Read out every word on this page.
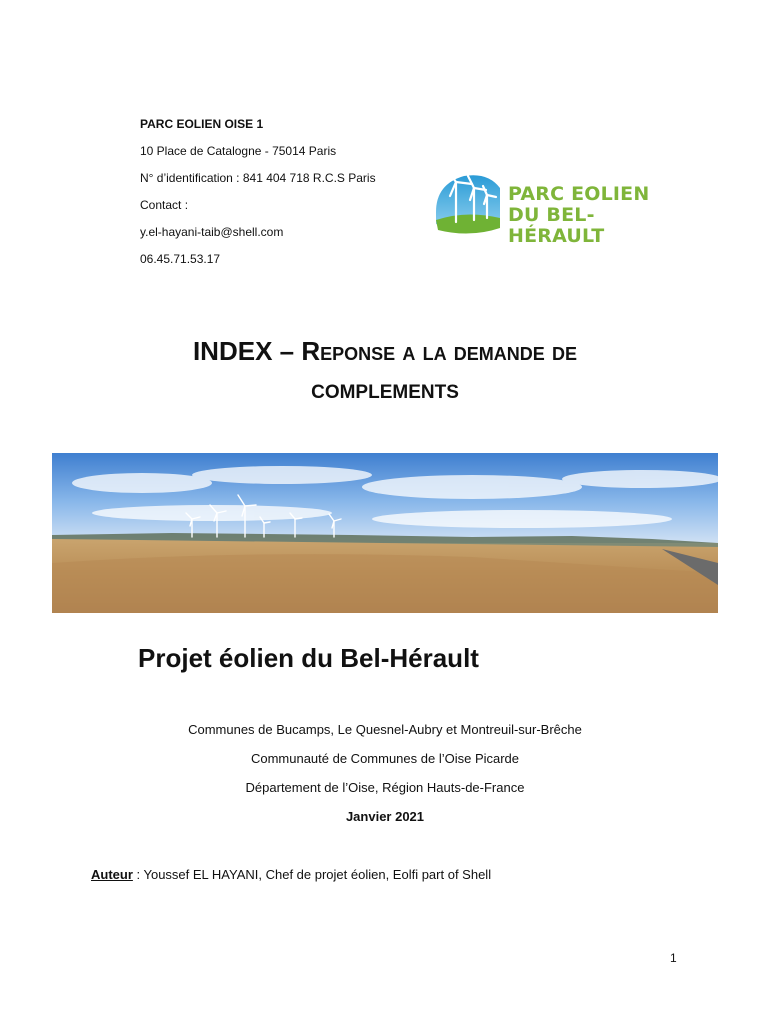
PARC EOLIEN OISE 1
10 Place de Catalogne - 75014 Paris
N° d’identification : 841 404 718 R.C.S Paris
Contact :
y.el-hayani-taib@shell.com
06.45.71.53.17
PARC EOLIEN
DU BEL-HÉRAULT
INDEX – Reponse a la demande de
COMPLEMENTS
Projet éolien du Bel-Hérault
Communes de Bucamps, Le Quesnel-Aubry et Montreuil-sur-Brêche
Communauté de Communes de l’Oise Picarde
Département de l’Oise, Région Hauts-de-France
Janvier 2021
Auteur : Youssef EL HAYANI, Chef de projet éolien, Eolfi part of Shell
1
